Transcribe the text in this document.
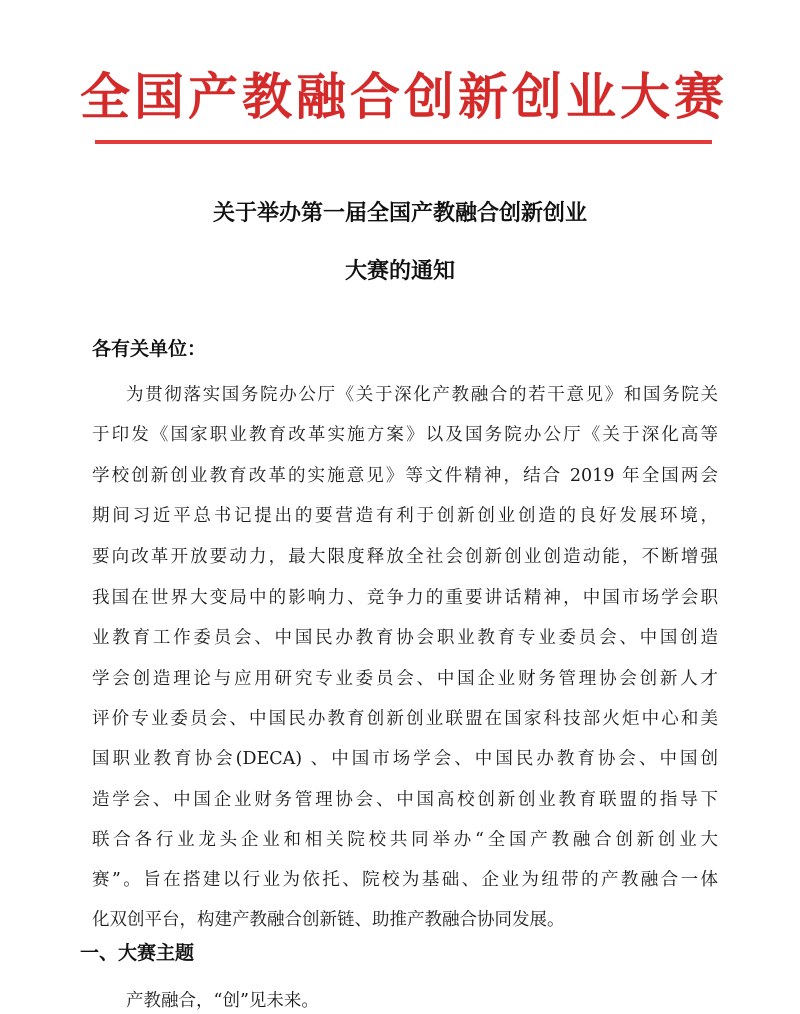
全国产教融合创新创业大赛
关于举办第一届全国产教融合创新创业
大赛的通知
各有关单位：
为贯彻落实国务院办公厅《关于深化产教融合的若干意见》和国务院关
于印发《国家职业教育改革实施方案》以及国务院办公厅《关于深化高等
学校创新创业教育改革的实施意见》等文件精神，结合 2019 年全国两会
期间习近平总书记提出的要营造有利于创新创业创造的良好发展环境，
要向改革开放要动力，最大限度释放全社会创新创业创造动能，不断增强
我国在世界大变局中的影响力、竞争力的重要讲话精神，中国市场学会职
业教育工作委员会、中国民办教育协会职业教育专业委员会、中国创造
学会创造理论与应用研究专业委员会、中国企业财务管理协会创新人才
评价专业委员会、中国民办教育创新创业联盟在国家科技部火炬中心和美
国职业教育协会(DECA) 、中国市场学会、中国民办教育协会、中国创
造学会、中国企业财务管理协会、中国高校创新创业教育联盟的指导下
联合各行业龙头企业和相关院校共同举办“全国产教融合创新创业大
赛”。旨在搭建以行业为依托、院校为基础、企业为纽带的产教融合一体
化双创平台，构建产教融合创新链、助推产教融合协同发展。
一、大赛主题
产教融合，“创”见未来。
